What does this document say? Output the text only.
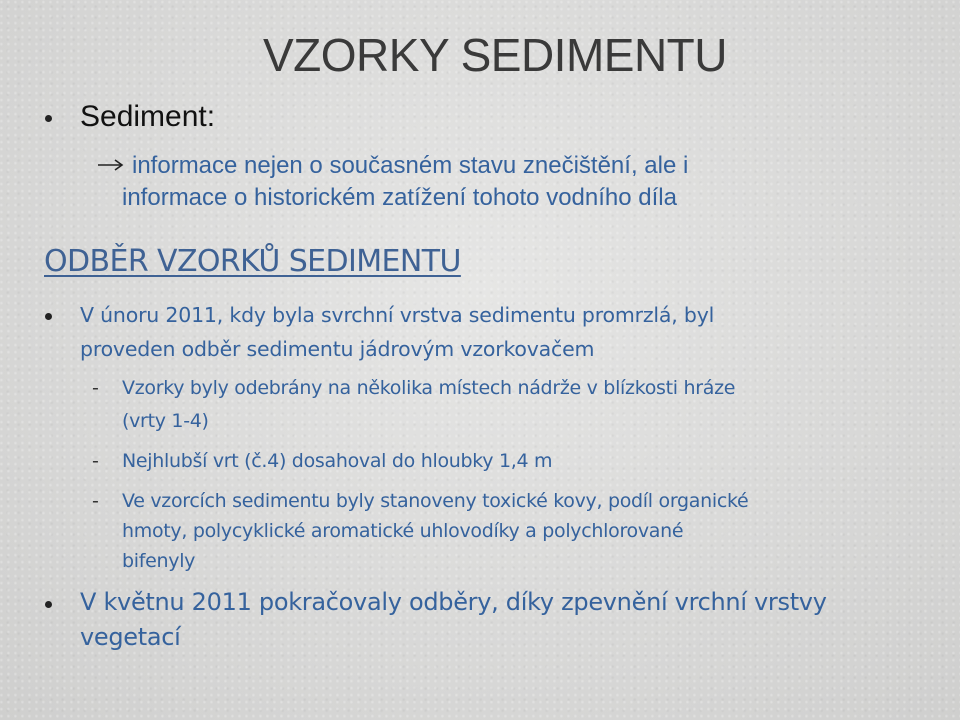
VZORKY SEDIMENTU
Sediment:
informace nejen o současném stavu znečištění, ale i
informace o historickém zatížení tohoto vodního díla
ODBĚR VZORKŮ SEDIMENTU
V únoru 2011, kdy byla svrchní vrstva sedimentu promrzlá, byl
proveden odběr sedimentu jádrovým vzorkovačem
- Vzorky byly odebrány na několika místech nádrže v blízkosti hráze
(vrty 1-4)
- Nejhlubší vrt (č.4) dosahoval do hloubky 1,4 m
- Ve vzorcích sedimentu byly stanoveny toxické kovy, podíl organické
hmoty, polycyklické aromatické uhlovodíky a polychlorované
bifenyly
V květnu 2011 pokračovaly odběry, díky zpevnění vrchní vrstvy
vegetací
